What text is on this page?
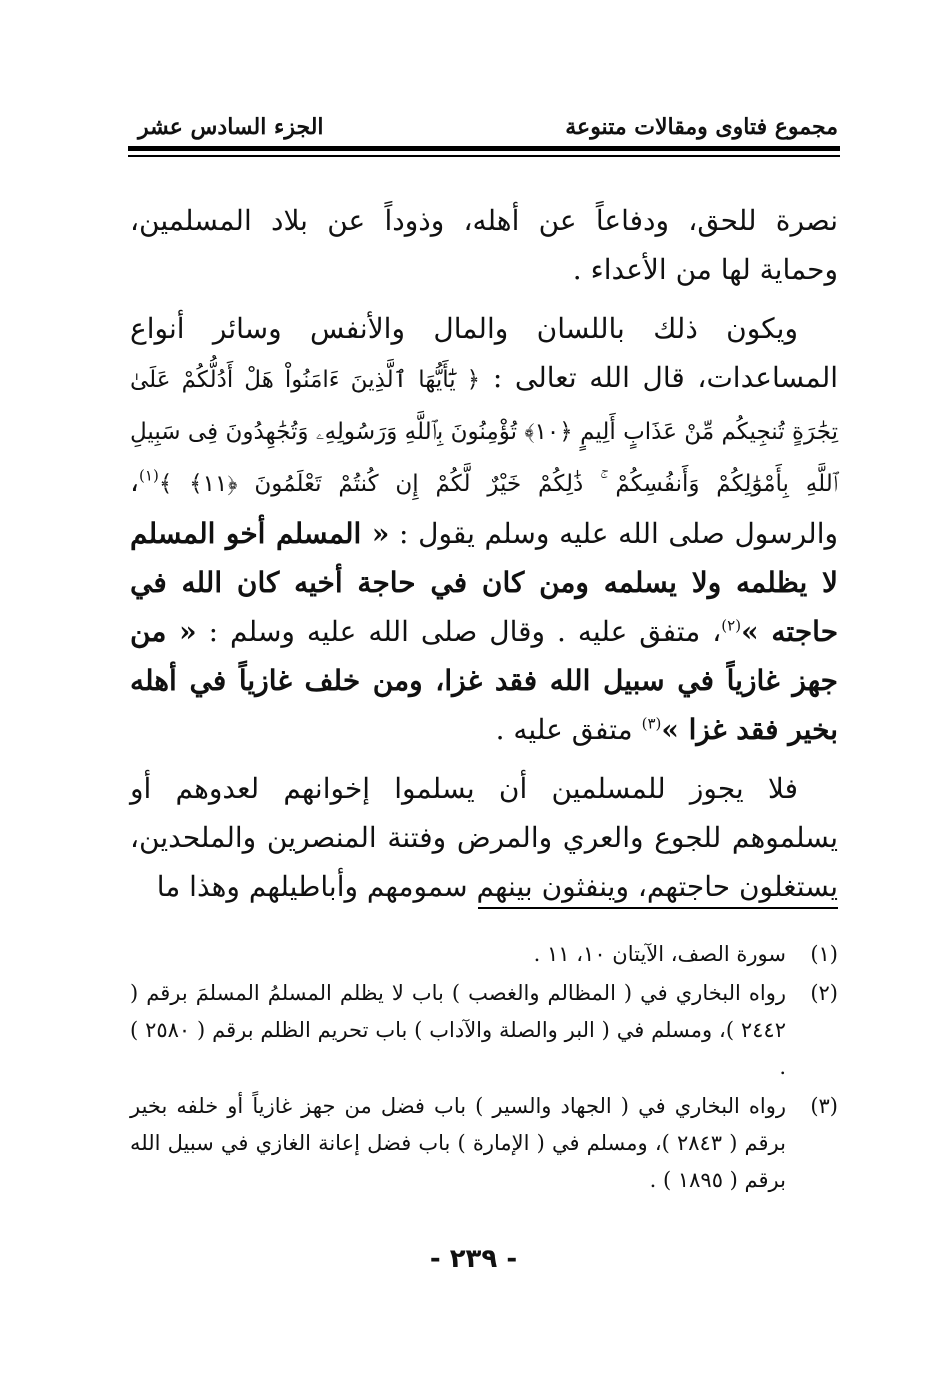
مجموع فتاوى ومقالات متنوعة
الجزء السادس عشر

نصرة للحق، ودفاعاً عن أهله، وذوداً عن بلاد المسلمين، وحماية لها من الأعداء .

ويكون ذلك باللسان والمال والأنفس وسائر أنواع المساعدات، قال الله تعالى : ﴿ يَٰٓأَيُّهَا ٱلَّذِينَ ءَامَنُواْ هَلْ أَدُلُّكُمْ عَلَىٰ تِجَٰرَةٍ تُنجِيكُم مِّنْ عَذَابٍ أَلِيمٍ ﴿١٠﴾ تُؤْمِنُونَ بِٱللَّهِ وَرَسُولِهِۦ وَتُجَٰهِدُونَ فِى سَبِيلِ ٱللَّهِ بِأَمْوَٰلِكُمْ وَأَنفُسِكُمْ ۚ ذَٰلِكُمْ خَيْرٌ لَّكُمْ إِن كُنتُمْ تَعْلَمُونَ ﴿١١﴾ ﴾$^{(١)}$، والرسول صلى الله عليه وسلم يقول : « المسلم أخو المسلم لا يظلمه ولا يسلمه ومن كان في حاجة أخيه كان الله في حاجته »$^{(٢)}$، متفق عليه . وقال صلى الله عليه وسلم : « من جهز غازياً في سبيل الله فقد غزا، ومن خلف غازياً في أهله بخير فقد غزا »$^{(٣)}$ متفق عليه .

فلا يجوز للمسلمين أن يسلموا إخوانهم لعدوهم أو يسلموهم للجوع والعري والمرض وفتنة المنصرين والملحدين، يستغلون حاجتهم، وينفثون بينهم سمومهم وأباطيلهم وهذا ما

(١)
سورة الصف، الآيتان ١٠، ١١ .
(٢)
رواه البخاري في ( المظالم والغصب ) باب لا يظلم المسلمُ المسلمَ برقم ( ٢٤٤٢ )، ومسلم في ( البر والصلة والآداب ) باب تحريم الظلم برقم ( ٢٥٨٠ ) .
(٣)
رواه البخاري في ( الجهاد والسير ) باب فضل من جهز غازياً أو خلفه بخير برقم ( ٢٨٤٣ )، ومسلم في ( الإمارة ) باب فضل إعانة الغازي في سبيل الله برقم ( ١٨٩٥ ) .
- ٢٣٩ -
